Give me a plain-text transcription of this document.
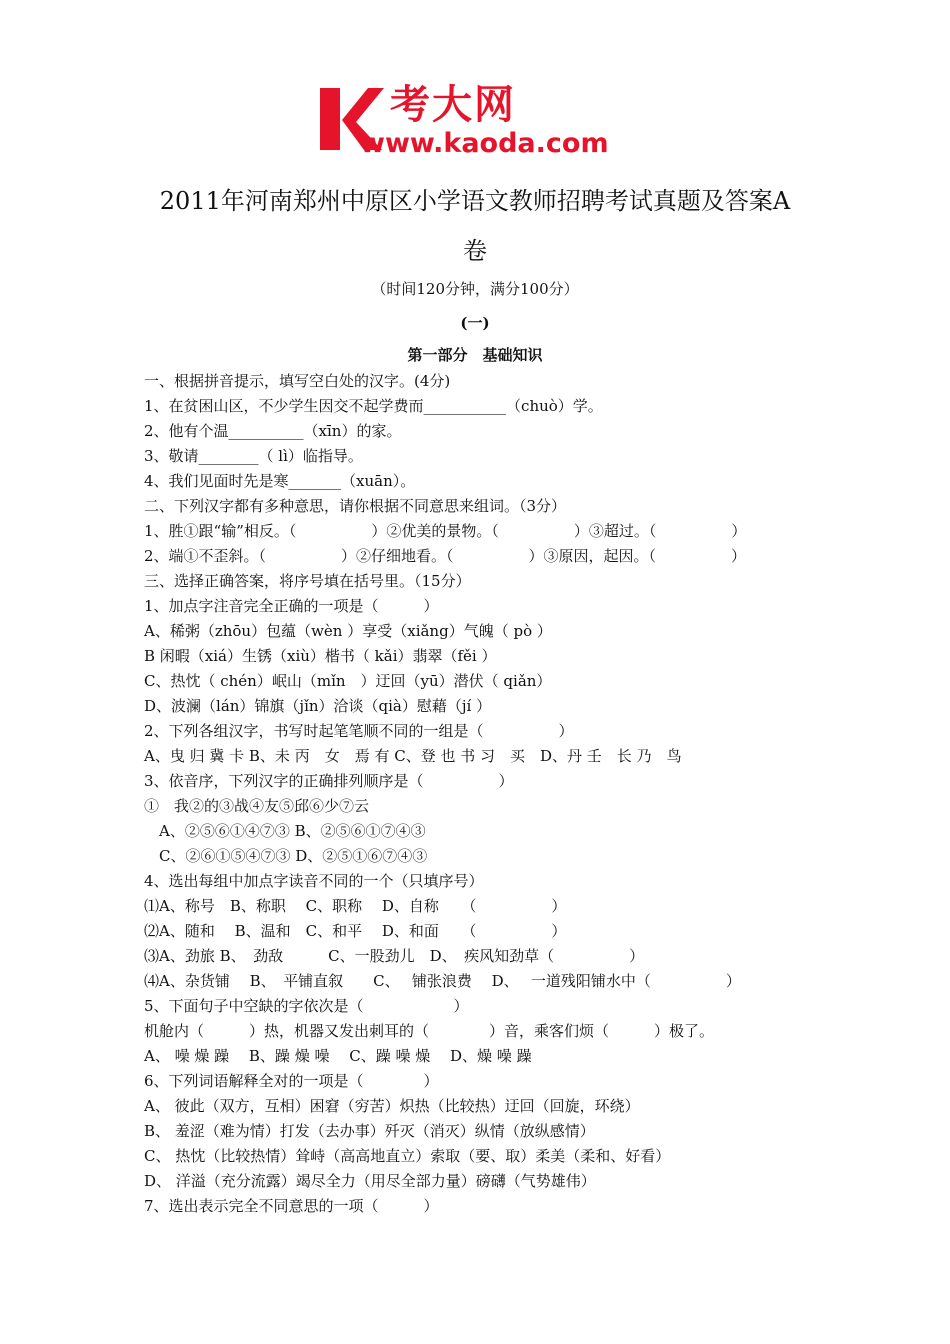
考大网
www.kaoda.com
2011年河南郑州中原区小学语文教师招聘考试真题及答案A
卷
（时间120分钟，满分100分）
(一)
第一部分　基础知识
一、根据拼音提示，填写空白处的汉字。(4分)
1、在贫困山区，不少学生因交不起学费而___________（chuò）学。
2、他有个温__________（xīn）的家。
3、敬请________（ lì）临指导。
4、我们见面时先是寒_______（xuān）。
二、下列汉字都有多种意思，请你根据不同意思来组词。（3分）
1、胜①跟“输”相反。（　　　　　）②优美的景物。（　　　　　）③超过。（　　　　　）
2、端①不歪斜。（　　　　　）②仔细地看。（　　　　　）③原因，起因。（　　　　　）
三、选择正确答案，将序号填在括号里。（15分）
1、加点字注音完全正确的一项是（　　　）
A、稀粥（zhōu）包蕴（wèn ）享受（xiǎng）气魄（ pò ）
B 闲暇（xiá）生锈（xiù）楷书（ kǎi）翡翠（fěi ）
C、热忱（ chén）岷山（mǐn　）迂回（yū）潜伏（ qiǎn）
D、波澜（lán）锦旗（jǐn）洽谈（qià）慰藉（jí ）
2、下列各组汉字，书写时起笔笔顺不同的一组是（　　　　　）
A、曳 归 冀 卡 B、未 丙　女　焉 有 C、登 也 书 习　买　D、丹 壬　长 乃　鸟
3、依音序，下列汉字的正确排列顺序是（　　　　　）
①　我②的③战④友⑤邱⑥少⑦云
　A、②⑤⑥①④⑦③ B、②⑤⑥①⑦④③
　C、②⑥①⑤④⑦③ D、②⑤①⑥⑦④③
4、选出每组中加点字读音不同的一个（只填序号）
⑴A、称号　B、称职　 C、职称　 D、自称　　（　　　　　）
⑵A、随和　 B、温和　C、和平　 D、和面　　（　　　　　）
⑶A、劲旅 B、　劲敌　　　C、一股劲儿　D、　疾风知劲草（　　　　　）
⑷A、杂货铺　 B、　平铺直叙　　C、　 铺张浪费　 D、　 一道残阳铺水中（　　　　　）
5、下面句子中空缺的字依次是（　　　　　　）
机舱内（　　　）热，机器又发出刺耳的（　　　　）音，乘客们烦（　　　）极了。
A、 噪 燥 躁　 B、躁 燥 噪　 C、躁 噪 燥　 D、燥 噪 躁
6、下列词语解释全对的一项是（　　　　）
A、 彼此（双方，互相）困窘（穷苦）炽热（比较热）迂回（回旋，环绕）
B、 羞涩（难为情）打发（去办事）歼灭（消灭）纵情（放纵感情）
C、 热忱（比较热情）耸峙（高高地直立）索取（要、取）柔美（柔和、好看）
D、 洋溢（充分流露）竭尽全力（用尽全部力量）磅礴（气势雄伟）
7、选出表示完全不同意思的一项（　　　）
